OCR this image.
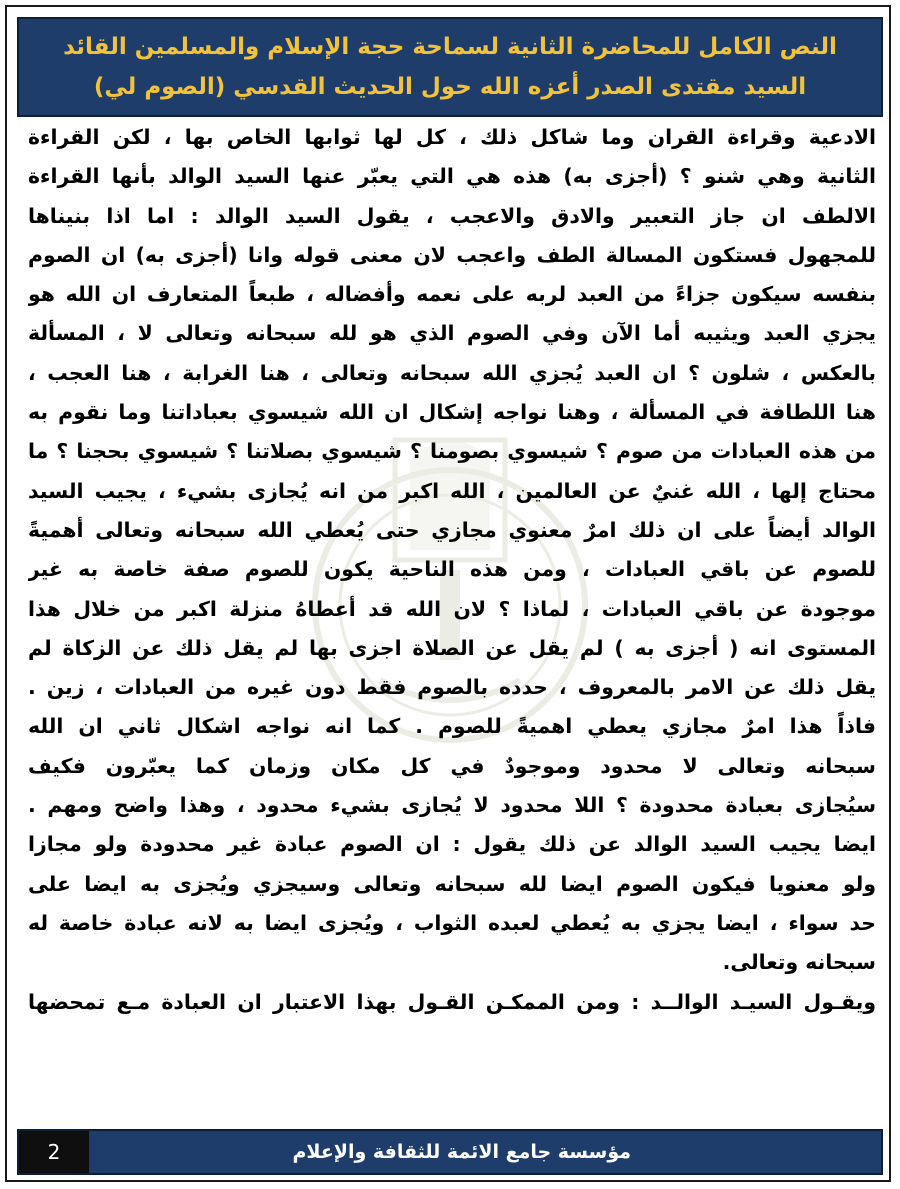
النص الكامل للمحاضرة الثانية لسماحة حجة الإسلام والمسلمين القائد
السيد مقتدى الصدر أعزه الله حول الحديث القدسي (الصوم لي)

الادعية وقراءة القران وما شاكل ذلك ، كل لها ثوابها الخاص بها ، لكن القراءة
الثانية وهي شنو ؟ (أجزى به) هذه هي التي يعبّر عنها السيد الوالد بأنها القراءة
الالطف ان جاز التعبير والادق والاعجب ، يقول السيد الوالد : اما اذا بنيناها
للمجهول فستكون المسالة الطف واعجب لان معنى قوله وانا (أجزى به) ان الصوم
بنفسه سيكون جزاءً من العبد لربه على نعمه وأفضاله ، طبعاً المتعارف ان الله هو
يجزي العبد ويثيبه أما الآن وفي الصوم الذي هو لله سبحانه وتعالى لا ، المسألة
بالعكس ، شلون ؟ ان العبد يُجزي الله سبحانه وتعالى ، هنا الغرابة ، هنا العجب ،
هنا اللطافة في المسألة ، وهنا نواجه إشكال ان الله شيسوي بعباداتنا وما نقوم به
من هذه العبادات من صوم ؟ شيسوي بصومنا ؟ شيسوي بصلاتنا ؟ شيسوي بحجنا ؟ ما
محتاج إلها ، الله غنيٌ عن العالمين ، الله اكبر من انه يُجازى بشيء ، يجيب السيد
الوالد أيضاً على ان ذلك امرٌ معنوي مجازي حتى يُعطي الله سبحانه وتعالى أهميةً
للصوم عن باقي العبادات ، ومن هذه الناحية يكون للصوم صفة خاصة به غير
موجودة عن باقي العبادات ، لماذا ؟ لان الله قد أعطاهُ منزلة اكبر من خلال هذا
المستوى انه ( أجزى به ) لم يقل عن الصلاة اجزى بها لم يقل ذلك عن الزكاة لم
يقل ذلك عن الامر بالمعروف ، حدده بالصوم فقط دون غيره من العبادات ، زين .
فاذاً هذا امرٌ مجازي يعطي اهميةً للصوم . كما انه نواجه اشكال ثاني ان الله
سبحانه وتعالى لا محدود وموجودٌ في كل مكان وزمان كما يعبّرون فكيف
سيُجازى بعبادة محدودة ؟ اللا محدود لا يُجازى بشيء محدود ، وهذا واضح ومهم .
ايضا يجيب السيد الوالد عن ذلك يقول : ان الصوم عبادة غير محدودة ولو مجازا
ولو معنويا فيكون الصوم ايضا لله سبحانه وتعالى وسيجزي ويُجزى به ايضا على
حد سواء ، ايضا يجزي به يُعطي لعبده الثواب ، ويُجزى ايضا به لانه عبادة خاصة له
سبحانه وتعالى.

ويقـول السيـد الوالــد : ومن الممكـن القـول بهذا الاعتبار ان العبادة مـع تمحضها

مؤسسة جامع الائمة للثقافة والإعلام
2
